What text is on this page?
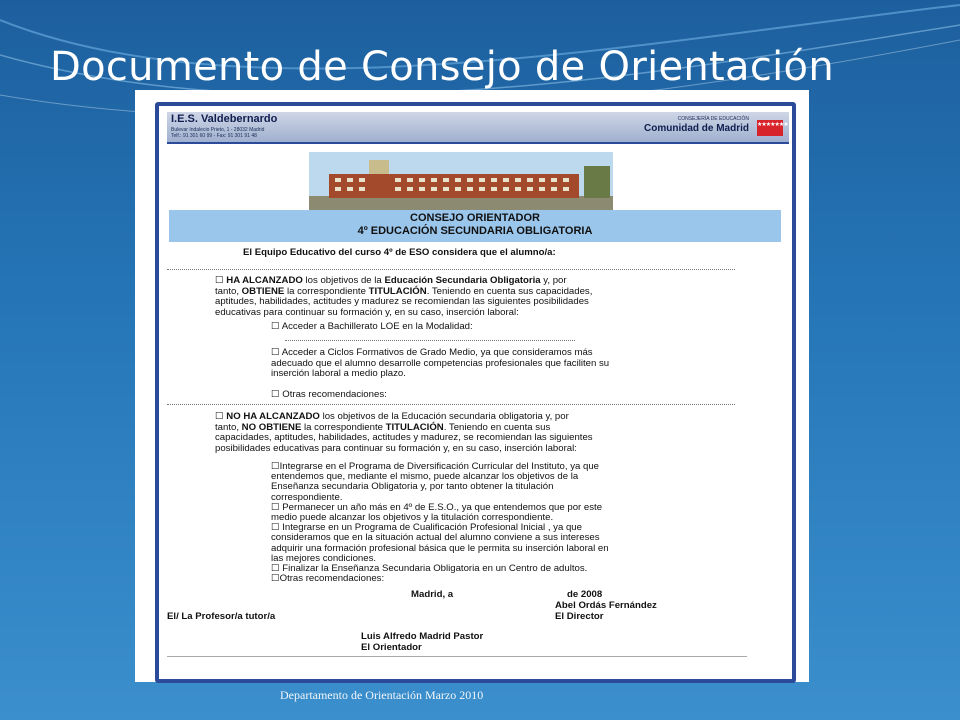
Documento de Consejo de Orientación
I.E.S. Valdebernardo
Bulevar Indalecio Prieto, 1 - 28032 Madrid
Telf.: 91 301 60 99 - Fax: 91 301 91 48
CONSEJERÍA DE EDUCACIÓN
Comunidad de Madrid ★★★★★★★
CONSEJO ORIENTADOR
4º EDUCACIÓN SECUNDARIA OBLIGATORIA
El Equipo Educativo del curso 4º de ESO considera que el alumno/a:
☐ HA ALCANZADO los objetivos de la Educación Secundaria Obligatoria y, por
tanto, OBTIENE la correspondiente TITULACIÓN. Teniendo en cuenta sus capacidades,
aptitudes, habilidades, actitudes y madurez se recomiendan las siguientes posibilidades
educativas para continuar su formación y, en su caso, inserción laboral:
☐ Acceder a Bachillerato LOE en la Modalidad:
☐ Acceder a Ciclos Formativos de Grado Medio, ya que consideramos más
adecuado que el alumno desarrolle competencias profesionales que faciliten su
inserción laboral a medio plazo.
☐ Otras recomendaciones:
☐ NO HA ALCANZADO los objetivos de la Educación secundaria obligatoria y, por
tanto, NO OBTIENE la correspondiente TITULACIÓN. Teniendo en cuenta sus
capacidades, aptitudes, habilidades, actitudes y madurez, se recomiendan las siguientes
posibilidades educativas para continuar su formación y, en su caso, inserción laboral:
☐Integrarse en el Programa de Diversificación Curricular del Instituto, ya que
entendemos que, mediante el mismo, puede alcanzar los objetivos de la
Enseñanza secundaria Obligatoria y, por tanto obtener la titulación
correspondiente.
☐ Permanecer un año más en 4º de E.S.O., ya que entendemos que por este
medio puede alcanzar los objetivos y la titulación correspondiente.
☐ Integrarse en un Programa de Cualificación Profesional Inicial , ya que
consideramos que en la situación actual del alumno conviene a sus intereses
adquirir una formación profesional básica que le permita su inserción laboral en
las mejores condiciones.
☐ Finalizar la Enseñanza Secundaria Obligatoria en un Centro de adultos.
☐Otras recomendaciones:
Madrid, a	de 2008
Abel Ordás Fernández
El/ La Profesor/a tutor/a	El Director
Luis Alfredo Madrid Pastor
El Orientador
Departamento de Orientación Marzo 2010
